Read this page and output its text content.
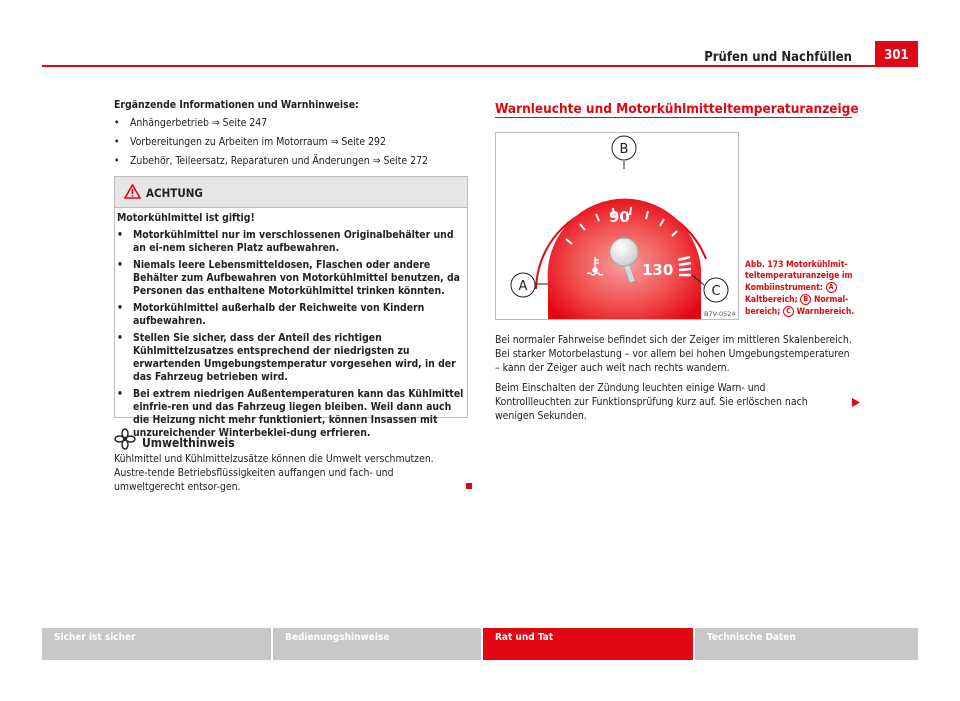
Prüfen und Nachfüllen	301
Ergänzende Informationen und Warnhinweise:
• Anhängerbetrieb ⇒ Seite 247
• Vorbereitungen zu Arbeiten im Motorraum ⇒ Seite 292
• Zubehör, Teileersatz, Reparaturen und Änderungen ⇒ Seite 272
ACHTUNG

Motorkühlmittel ist giftig!

• Motorkühlmittel nur im verschlossenen Originalbehälter und an ei-nem sicheren Platz aufbewahren.

• Niemals leere Lebensmitteldosen, Flaschen oder andere Behälter zum Aufbewahren von Motorkühlmittel benutzen, da Personen das enthaltene Motorkühlmittel trinken könnten.

• Motorkühlmittel außerhalb der Reichweite von Kindern aufbewahren.

• Stellen Sie sicher, dass der Anteil des richtigen Kühlmittelzusatzes entsprechend der niedrigsten zu erwartenden Umgebungstemperatur vorgesehen wird, in der das Fahrzeug betrieben wird.

• Bei extrem niedrigen Außentemperaturen kann das Kühlmittel einfrie-ren und das Fahrzeug liegen bleiben. Weil dann auch die Heizung nicht mehr funktioniert, können Insassen mit unzureichender Winterbeklei-dung erfrieren.

Umwelthinweis
Kühlmittel und Kühlmittelzusätze können die Umwelt verschmutzen. Austre-tende Betriebsflüssigkeiten auffangen und fach- und umweltgerecht entsor-gen.
Warnleuchte und Motorkühlmitteltemperaturanzeige
90
130
A
B
C
B7V-0524
Abb. 173 Motorkühlmit-teltemperaturanzeige im Kombiinstrument: A Kaltbereich; B Normal-bereich; C Warnbereich.
Bei normaler Fahrweise befindet sich der Zeiger im mittleren Skalenbereich. Bei starker Motorbelastung – vor allem bei hohen Umgebungstemperaturen – kann der Zeiger auch weit nach rechts wandern.
Beim Einschalten der Zündung leuchten einige Warn- und Kontrollleuchten zur Funktionsprüfung kurz auf. Sie erlöschen nach wenigen Sekunden.
Sicher ist sicher	Bedienungshinweise	Rat und Tat	Technische Daten
